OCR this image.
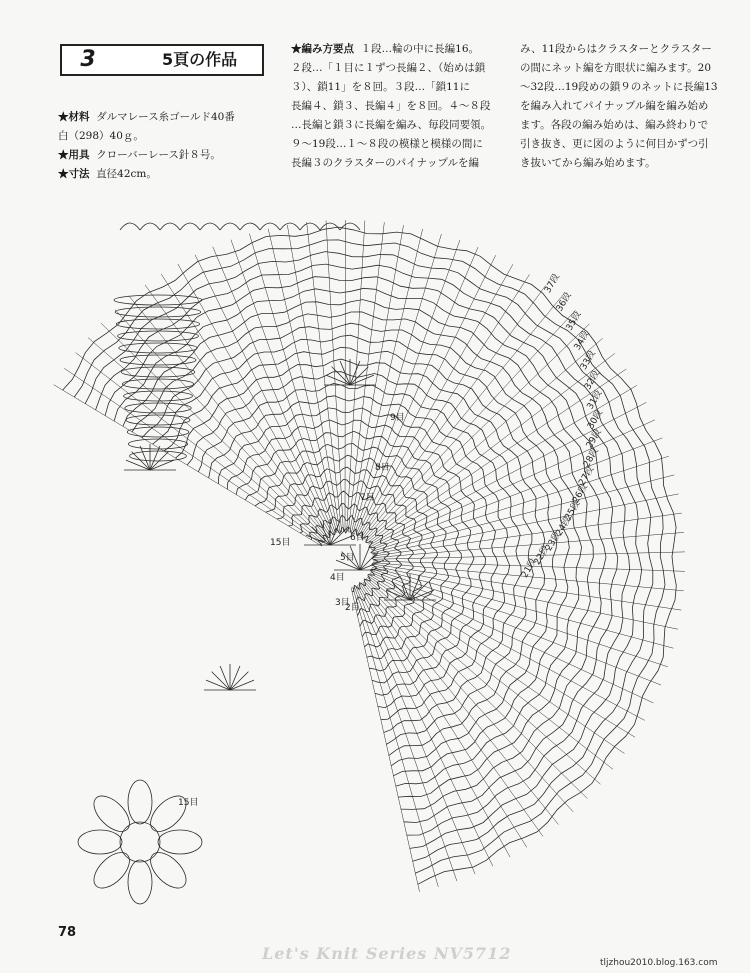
3	5頁の作品
★材料 ダルマレース糸ゴールド40番
白（298）40ｇ。
★用具 クローバーレース針８号。
★寸法 直径42cm。
★編み方要点 １段…輪の中に長編16。
２段…「１目に１ずつ長編２、（始めは鎖
３）、鎖11」を８回。３段…「鎖11に
長編４、鎖３、長編４」を８回。４〜８段
…長編と鎖３に長編を編み、毎段同要領。
９〜19段…１〜８段の模様と模様の間に
長編３のクラスターのパイナップルを編
み、11段からはクラスターとクラスター
の間にネット編を方眼状に編みます。20
〜32段…19段めの鎖９のネットに長編13
を編み入れてパイナップル編を編み始め
ます。各段の編み始めは、編み終わりで
引き抜き、更に図のように何目かずつ引
き抜いてから編み始めます。
2目
3目
4目
5目
6目
7目
8目
9目
21段
22段
23段
24段
25段
26段
27段
28段
29段
30段
31段
32段
33段
34段
35段
36段
37段
15目
15目
78
Let's Knit Series NV5712	tljzhou2010.blog.163.com
